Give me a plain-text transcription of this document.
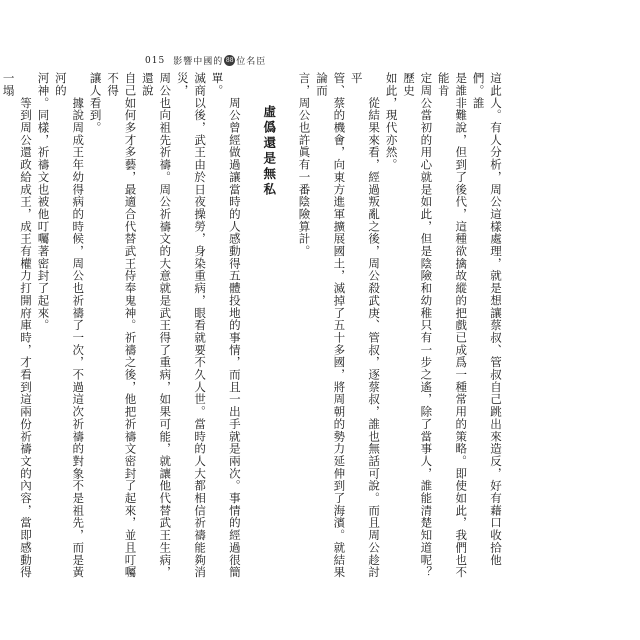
015 影響中國的 88 位名臣

這此人。有人分析，周公這樣處理，就是想讓蔡叔、管叔自己跳出來造反，好有藉口收拾他們。誰

是誰非難說，但到了後代，這種欲擒故縱的把戲已成爲一種常用的策略。即使如此，我們也不能肯

定周公當初的用心就是如此，但是陰險和幼稚只有一步之遙，除了當事人，誰能清楚知道呢？歷史

如此，現代亦然。

　　從結果來看，經過叛亂之後，周公殺武庚、管叔，逐蔡叔，誰也無話可說。而且周公趁討平

管、蔡的機會，向東方進軍擴展國土，滅掉了五十多國，將周朝的勢力延伸到了海濱。就結果論而

言，周公也許眞有一番陰險算計。

虛僞還是無私

　　周公曾經做過讓當時的人感動得五體投地的事情，而且一出手就是兩次。事情的經過很簡單。

滅商以後，武王由於日夜操勞，身染重病，眼看就要不久人世。當時的人大都相信祈禱能夠消災，

周公也向祖先祈禱。周公祈禱文的大意就是武王得了重病，如果可能，就讓他代替武王生病，還說

自己如何多才多藝，最適合代替武王侍奉鬼神。祈禱之後，他把祈禱文密封了起來，並且叮囑不得

讓人看到。

　　據說周成王年幼得病的時候，周公也祈禱了一次，不過這次祈禱的對象不是祖先，而是黃河的

河神。同樣，祈禱文也被他叮囑著密封了起來。

　　等到周公還政給成王，成王有權力打開府庫時，才看到這兩份祈禱文的內容，當即感動得一塌
